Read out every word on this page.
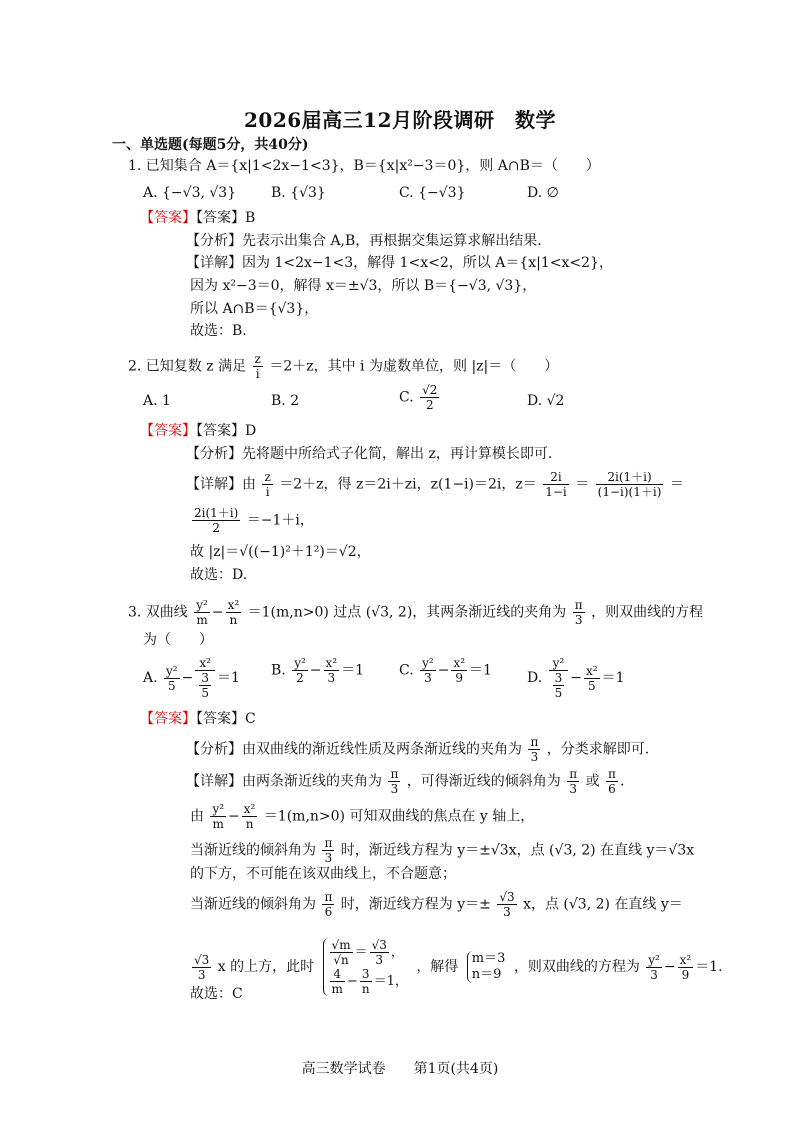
2026届高三12月阶段调研　数学
一、单选题(每题5分，共40分)
1. 已知集合 A＝{x|1<2x−1<3}，B＝{x|x²−3＝0}，则 A∩B＝（　　）
A. {−√3, √3} B. {√3}	C. {−√3}	D. ∅
【答案】【答案】B
【分析】先表示出集合 A,B，再根据交集运算求解出结果.
【详解】因为 1<2x−1<3，解得 1<x<2，所以 A＝{x|1<x<2}，
因为 x²−3＝0，解得 x＝±√3，所以 B＝{−√3, √3}，
所以 A∩B＝{√3}，
故选：B.
2. 已知复数 z 满足 $\frac{z}{i} =2+z$，其中 i 为虚数单位，则 |z|＝（　　）
A. 1	B. 2	C. $\frac{√2}{2}$	D. √2
【答案】【答案】D
【分析】先将题中所给式子化简，解出 z，再计算模长即可.
【详解】由 $\frac{z}{i} =2+z$，得 z＝2i＋zi，z(1−i)＝2i，$z= \frac{2i}{1-i} = \frac{2i(1+i)}{(1-i)(1+i)}$ ＝
$\frac{2i(1+i)}{2} =-1+i$，
故 |z|＝√((−1)²＋1²)＝√2，
故选：D.
3. 双曲线 $\frac{\text{y²}}{m} - \frac{\text{x²}}{n} =1(m,n>0)$ 过点 (√3, 2)，其两条渐近线的夹角为 $\frac{\pi}{3}$ ，则双曲线的方程
为（　　）
A. $\frac{\text{y²}}{5} - \frac{\text{x²}}{\frac{3}{5}} =1$ B. $\frac{\text{y²}}{2} - \frac{\text{x²}}{3} =1$ C. $\frac{\text{y²}}{3} - \frac{\text{x²}}{9} =1$	D. $\frac{\text{y²}}{\frac{3}{5}} - \frac{\text{x²}}{5} =1$
【答案】【答案】C
【分析】由双曲线的渐近线性质及两条渐近线的夹角为 $\frac{\pi}{3}$ ，分类求解即可.
【详解】由两条渐近线的夹角为 $\frac{\pi}{3}$ ，可得渐近线的倾斜角为 $\frac{\pi}{3}$ 或 $\frac{\pi}{6}$ .
由 $\frac{\text{y²}}{m} - \frac{\text{x²}}{n} =1(m,n>0)$ 可知双曲线的焦点在 y 轴上，
当渐近线的倾斜角为 $\frac{\pi}{3}$ 时，渐近线方程为 y＝±√3x，点 (√3, 2) 在直线 y＝√3x
的下方，不可能在该双曲线上，不合题意；
当渐近线的倾斜角为 $\frac{\pi}{6}$ 时，渐近线方程为 $y=\pm \frac{√3}{3}$ x，点 (√3, 2) 在直线 y＝
$\frac{√3}{3}$ x 的上方，此时 $\frac{√m}{√n} = \frac{√3}{3}$ ，
$\frac{4}{m} - \frac{3}{n} =1$，
，解得
m＝3
n＝9 ，则双曲线的方程为 $\frac{\text{y²}}{3} - \frac{\text{x²}}{9} =1$.
故选：C
高三数学试卷 第1页(共4页)
